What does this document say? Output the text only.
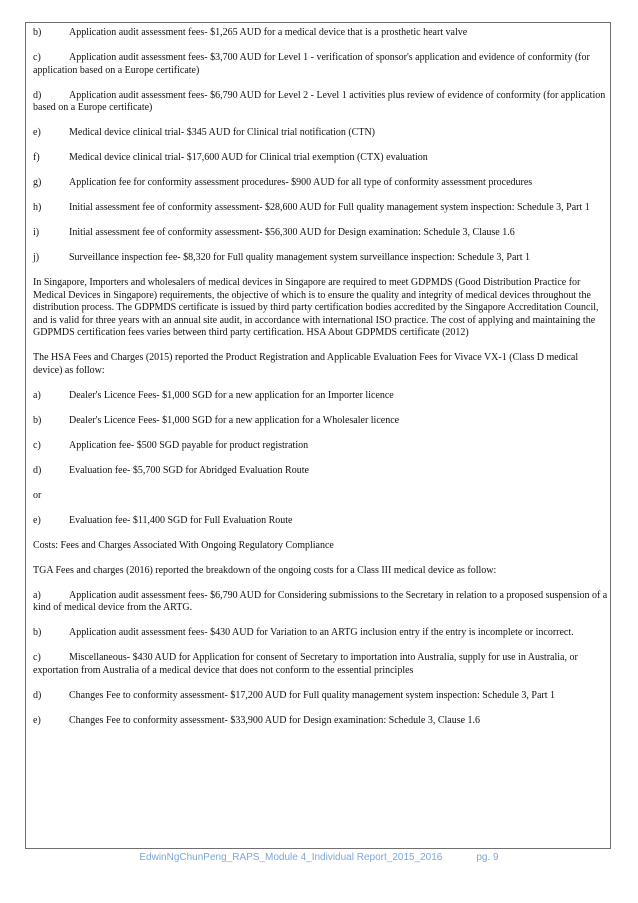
b)	Application audit assessment fees- $1,265 AUD for a medical device that is a prosthetic heart valve
c)	Application audit assessment fees- $3,700 AUD for Level 1 - verification of sponsor's application and evidence of conformity (for application based on a Europe certificate)
d)	Application audit assessment fees- $6,790 AUD for Level 2 - Level 1 activities plus review of evidence of conformity (for application based on a Europe certificate)
e)	Medical device clinical trial- $345 AUD for Clinical trial notification (CTN)
f)	Medical device clinical trial- $17,600 AUD for Clinical trial exemption (CTX) evaluation
g)	Application fee for conformity assessment procedures- $900 AUD for all type of conformity assessment procedures
h)	Initial assessment fee of conformity assessment- $28,600 AUD for Full quality management system inspection: Schedule 3, Part 1
i)	Initial assessment fee of conformity assessment- $56,300 AUD for Design examination: Schedule 3, Clause 1.6
j)	Surveillance inspection fee- $8,320 for Full quality management system surveillance inspection: Schedule 3, Part 1
In Singapore, Importers and wholesalers of medical devices in Singapore are required to meet GDPMDS (Good Distribution Practice for Medical Devices in Singapore) requirements, the objective of which is to ensure the quality and integrity of medical devices throughout the distribution process. The GDPMDS certificate is issued by third party certification bodies accredited by the Singapore Accreditation Council, and is valid for three years with an annual site audit, in accordance with international ISO practice. The cost of applying and maintaining the GDPMDS certification fees varies between third party certification. HSA About GDPMDS certificate (2012)
The HSA Fees and Charges (2015) reported the Product Registration and Applicable Evaluation Fees for Vivace VX-1 (Class D medical device) as follow:
a)	Dealer's Licence Fees- $1,000 SGD for a new application for an Importer licence
b)	Dealer's Licence Fees- $1,000 SGD for a new application for a Wholesaler licence
c)	Application fee- $500 SGD payable for product registration
d)	Evaluation fee- $5,700 SGD for Abridged Evaluation Route
or
e)	Evaluation fee- $11,400 SGD for Full Evaluation Route
Costs: Fees and Charges Associated With Ongoing Regulatory Compliance
TGA Fees and charges (2016) reported the breakdown of the ongoing costs for a Class III medical device as follow:
a)	Application audit assessment fees- $6,790 AUD for Considering submissions to the Secretary in relation to a proposed suspension of a kind of medical device from the ARTG.
b)	Application audit assessment fees- $430 AUD for Variation to an ARTG inclusion entry if the entry is incomplete or incorrect.
c)	Miscellaneous- $430 AUD for Application for consent of Secretary to importation into Australia, supply for use in Australia, or exportation from Australia of a medical device that does not conform to the essential principles
d)	Changes Fee to conformity assessment- $17,200 AUD for Full quality management system inspection: Schedule 3, Part 1
e)	Changes Fee to conformity assessment- $33,900 AUD for Design examination: Schedule 3, Clause 1.6
EdwinNgChunPeng_RAPS_Module 4_Individual Report_2015_2016	pg. 9
